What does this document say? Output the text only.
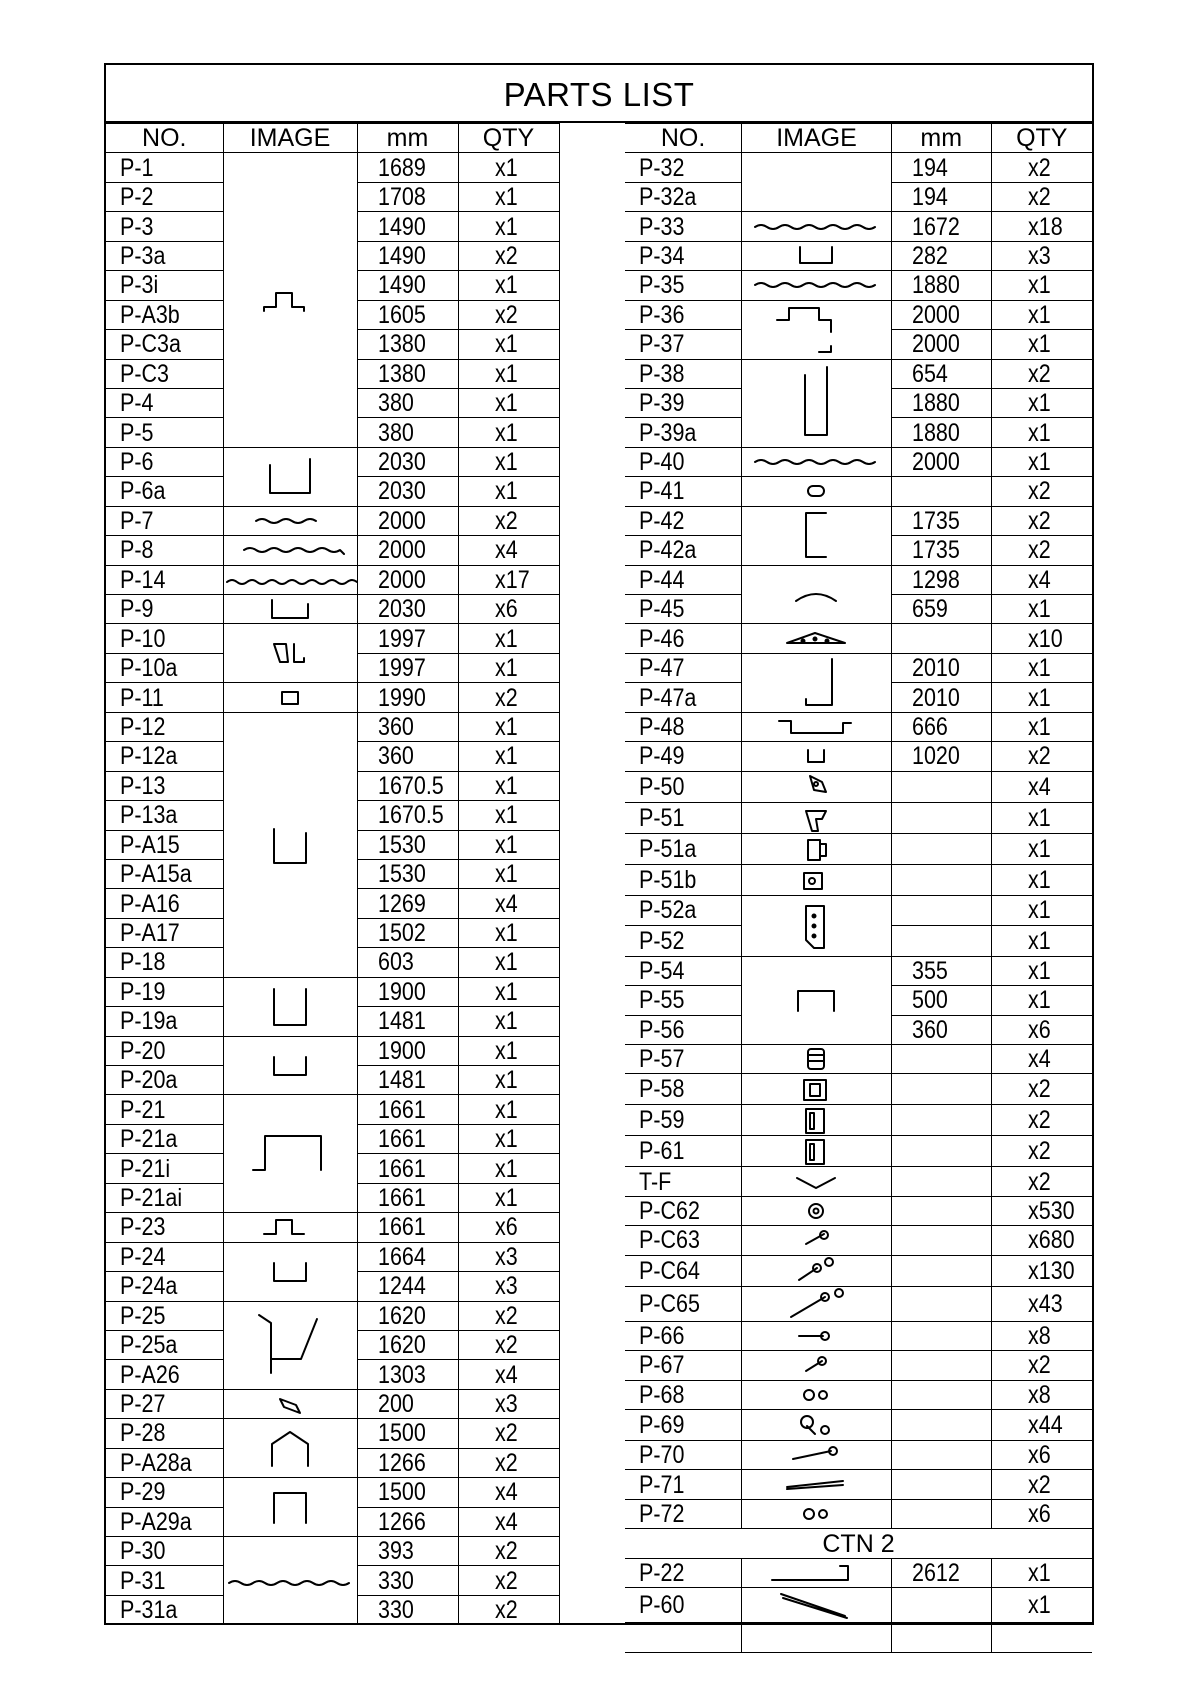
PARTS LIST
NO.	IMAGE	mm	QTY
P-1		1689	x1
P-2		1708	x1
P-3		1490	x1
P-3a		1490	x2
P-3i		1490	x1
P-A3b		1605	x2
P-C3a		1380	x1
P-C3		1380	x1
P-4		380	x1
P-5		380	x1
P-6		2030	x1
P-6a		2030	x1
P-7		2000	x2
P-8		2000	x4
P-14		2000	x17
P-9		2030	x6
P-10		1997	x1
P-10a		1997	x1
P-11		1990	x2
P-12		360	x1
P-12a		360	x1
P-13		1670.5	x1
P-13a		1670.5	x1
P-A15		1530	x1
P-A15a		1530	x1
P-A16		1269	x4
P-A17		1502	x1
P-18		603	x1
P-19		1900	x1
P-19a		1481	x1
P-20		1900	x1
P-20a		1481	x1
P-21		1661	x1
P-21a		1661	x1
P-21i		1661	x1
P-21ai		1661	x1
P-23		1661	x6
P-24		1664	x3
P-24a		1244	x3
P-25		1620	x2
P-25a		1620	x2
P-A26		1303	x4
P-27		200	x3
P-28		1500	x2
P-A28a		1266	x2
P-29		1500	x4
P-A29a		1266	x4
P-30		393	x2
P-31		330	x2
P-31a		330	x2
NO.	IMAGE	mm	QTY
P-32		194	x2
P-32a		194	x2
P-33		1672	x18
P-34		282	x3
P-35		1880	x1
P-36		2000	x1
P-37		2000	x1
P-38		654	x2
P-39		1880	x1
P-39a		1880	x1
P-40		2000	x1
P-41			x2
P-42		1735	x2
P-42a		1735	x2
P-44		1298	x4
P-45		659	x1
P-46			x10
P-47		2010	x1
P-47a		2010	x1
P-48		666	x1
P-49		1020	x2
P-50			x4
P-51			x1
P-51a			x1
P-51b			x1
P-52a			x1
P-52			x1
P-54		355	x1
P-55		500	x1
P-56		360	x6
P-57			x4
P-58			x2
P-59			x2
P-61			x2
T-F			x2
P-C62			x530
P-C63			x680
P-C64			x130
P-C65			x43
P-66			x8
P-67			x2
P-68			x8
P-69			x44
P-70			x6
P-71			x2
P-72			x6
CTN 2			
P-22		2612	x1
P-60			x1
